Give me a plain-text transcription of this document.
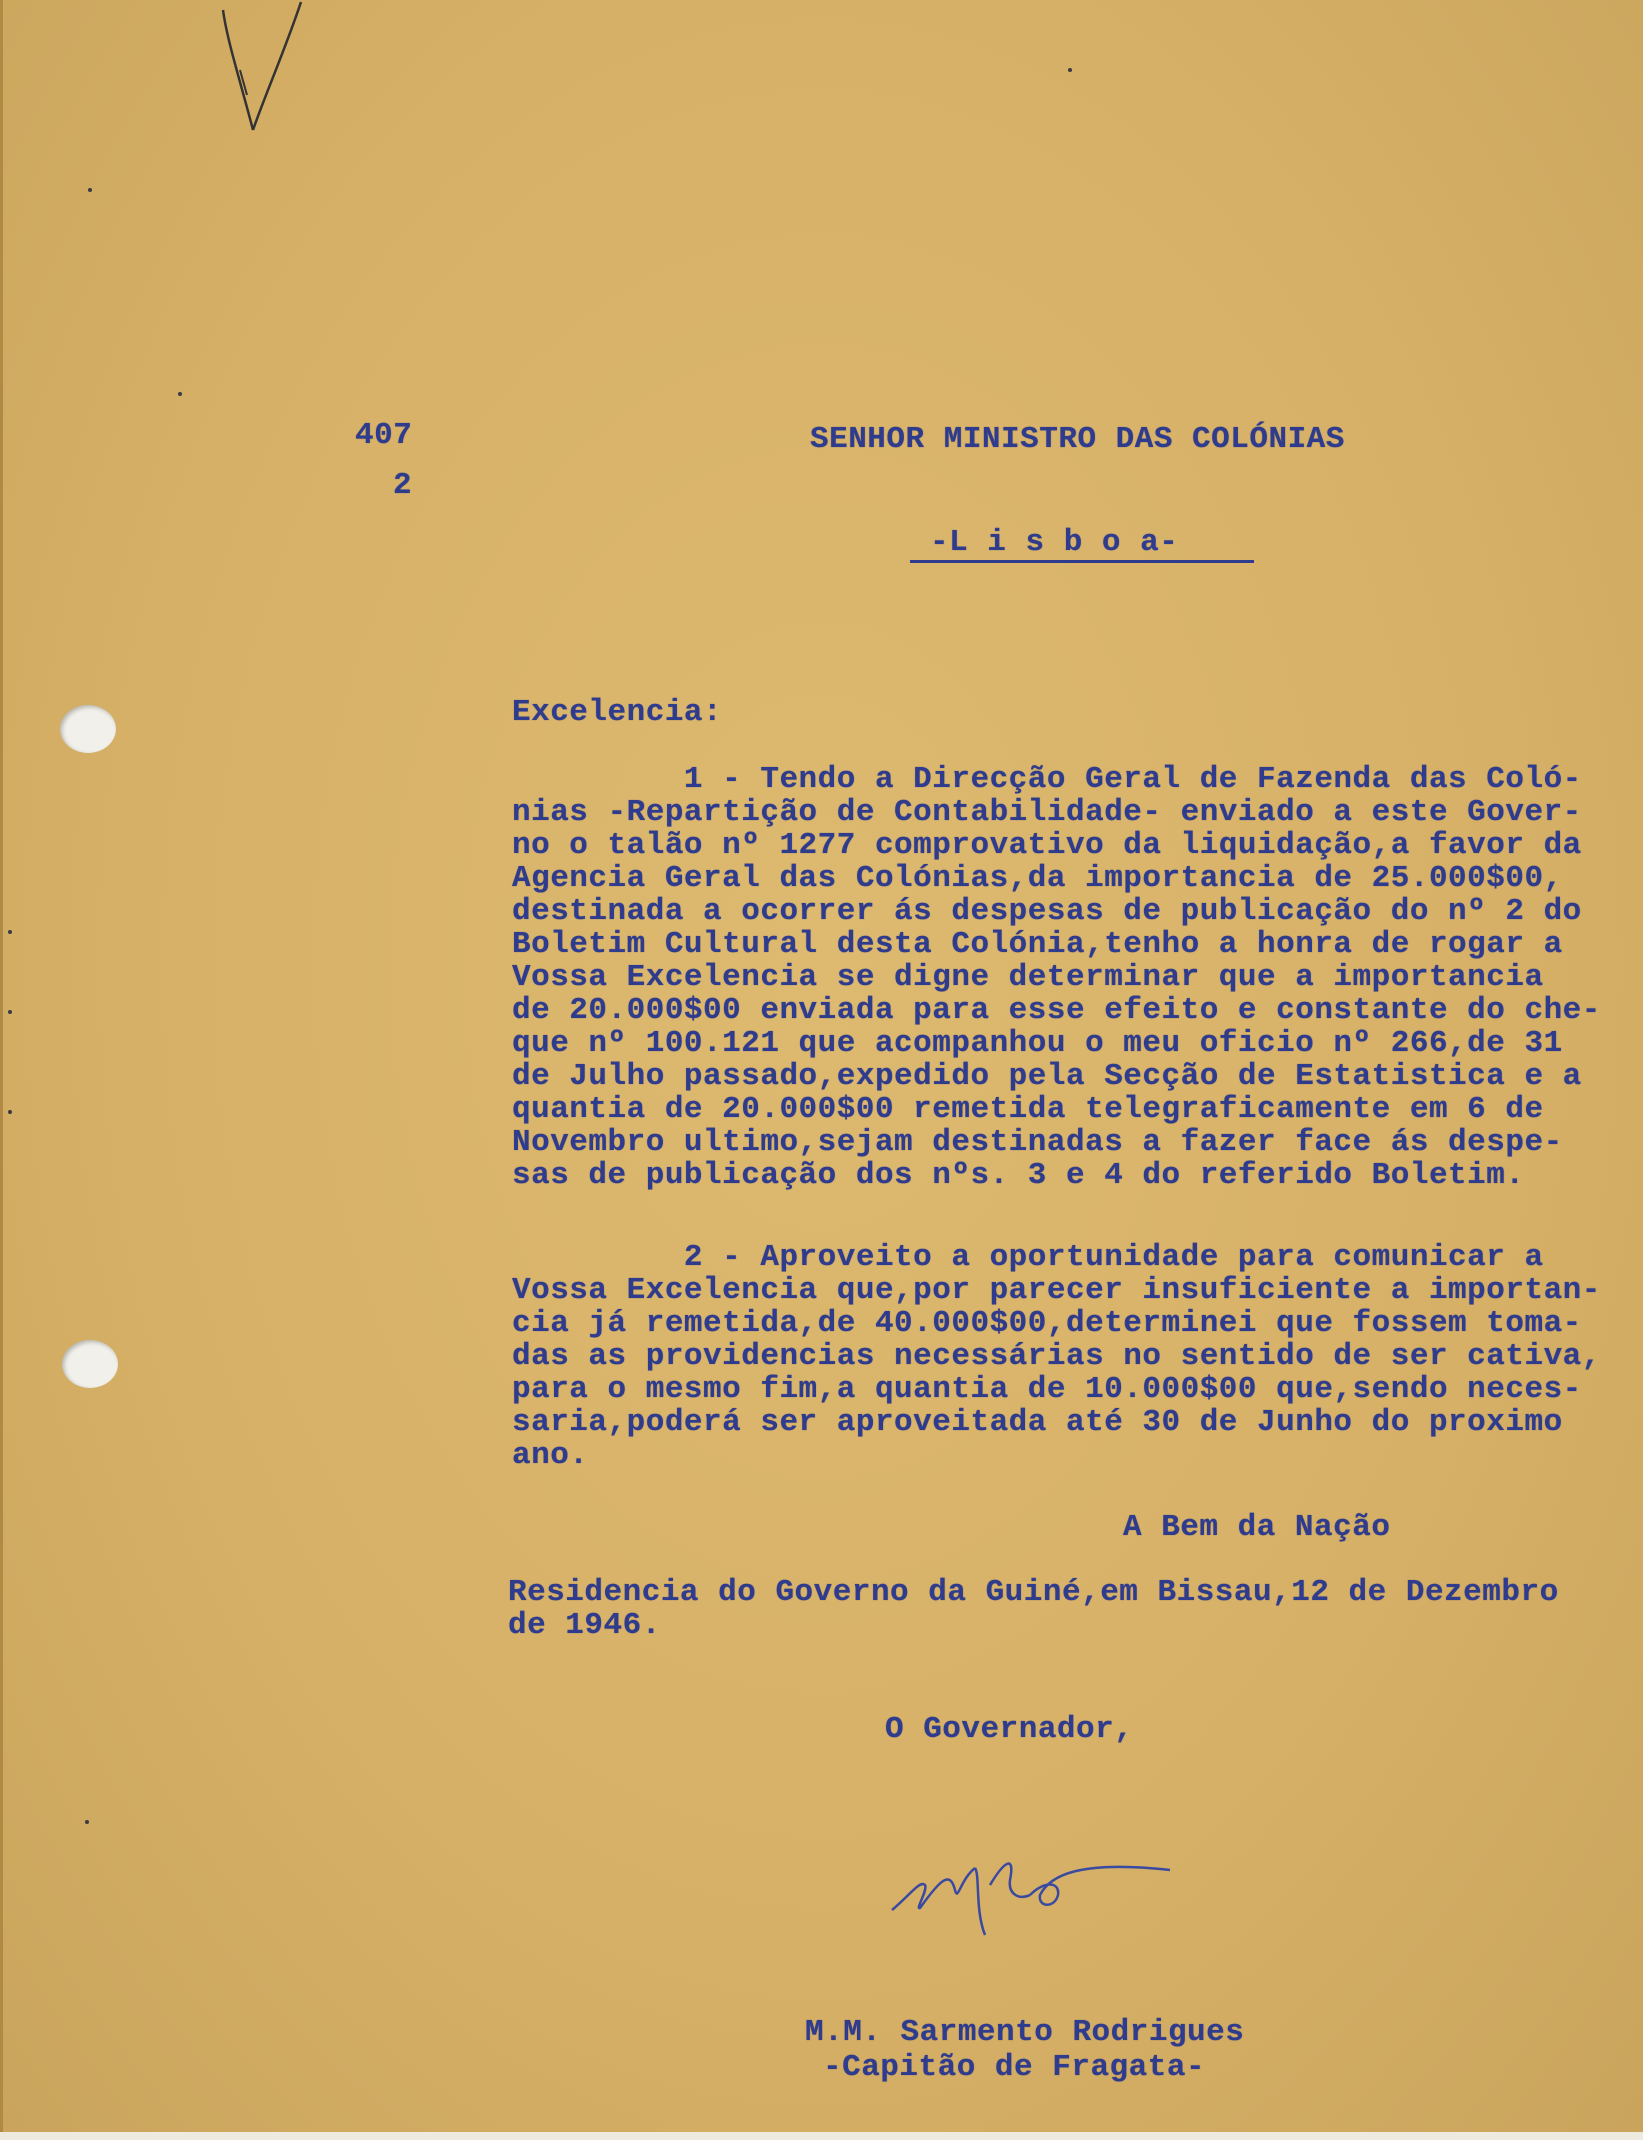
407
2
SENHOR MINISTRO DAS COLÓNIAS
-L i s b o a-
Excelencia:

1 - Tendo a Direcção Geral de Fazenda das Coló-

nias -Repartição de Contabilidade- enviado a este Gover-

no o talão nº 1277 comprovativo da liquidação,a favor da

Agencia Geral das Colónias,da importancia de 25.000$00,

destinada a ocorrer ás despesas de publicação do nº 2 do

Boletim Cultural desta Colónia,tenho a honra de rogar a

Vossa Excelencia se digne determinar que a importancia

de 20.000$00 enviada para esse efeito e constante do che-

que nº 100.121 que acompanhou o meu oficio nº 266,de 31

de Julho passado,expedido pela Secção de Estatistica e a

quantia de 20.000$00 remetida telegraficamente em 6 de

Novembro ultimo,sejam destinadas a fazer face ás despe-

sas de publicação dos nºs. 3 e 4 do referido Boletim.

2 - Aproveito a oportunidade para comunicar a

Vossa Excelencia que,por parecer insuficiente a importan-

cia já remetida,de 40.000$00,determinei que fossem toma-

das as providencias necessárias no sentido de ser cativa,

para o mesmo fim,a quantia de 10.000$00 que,sendo neces-

saria,poderá ser aproveitada até 30 de Junho do proximo

ano.

A Bem da Nação

Residencia do Governo da Guiné,em Bissau,12 de Dezembro

de 1946.

O Governador,
M.M. Sarmento Rodrigues
-Capitão de Fragata-
